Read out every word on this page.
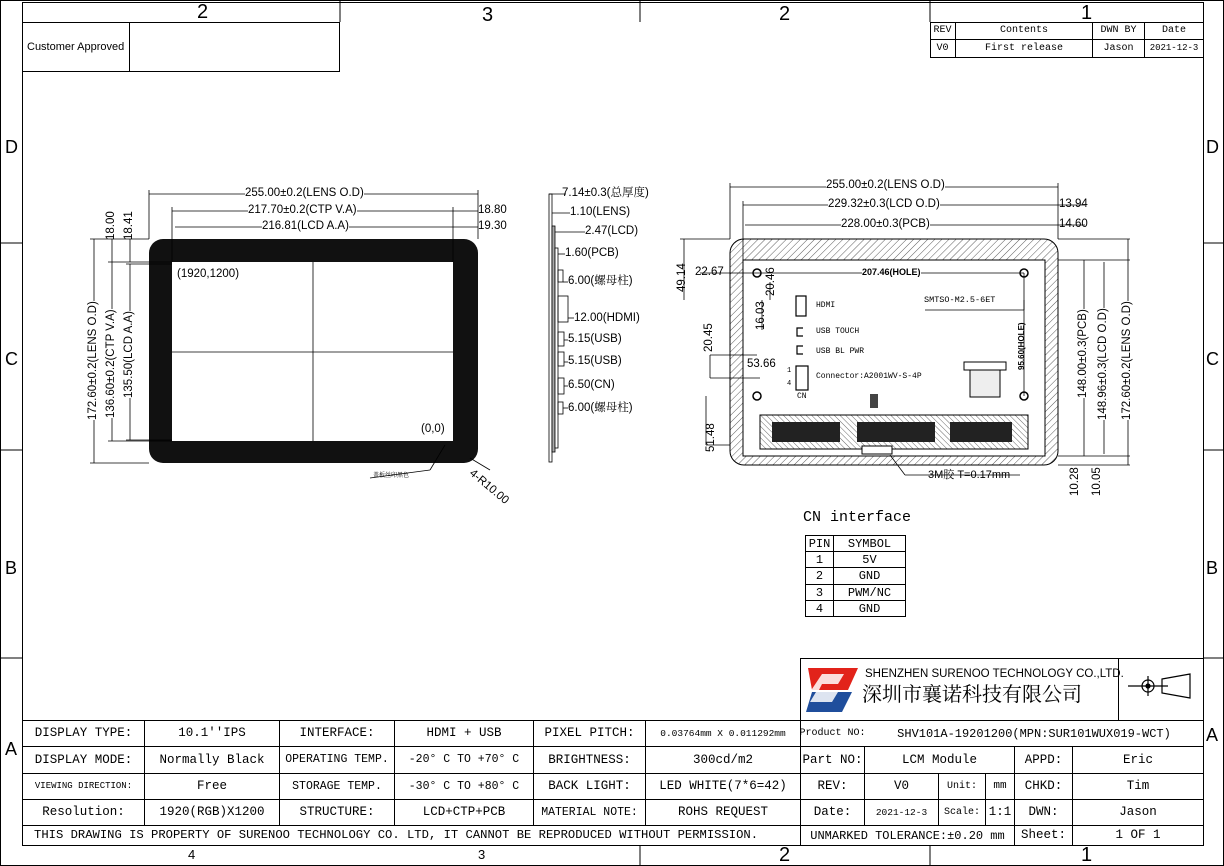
2	3	2	1
4	3	2	1
D
C
B
A
D
C
B
A
Customer Approved
REV	Contents	DWN BY	Date
V0	First release	Jason	2021-12-3
255.00±0.2(LENS O.D)
217.70±0.2(CTP V.A)
216.81(LCD A.A)
18.80
19.30
18.00 18.41
172.60±0.2(LENS O.D) 136.60±0.2(CTP V.A) 135.50(LCD A.A)
(1920,1200)
(0,0)
4-R10.00
盖板丝印黑色
7.14±0.3(总厚度)
1.10(LENS)
2.47(LCD)
1.60(PCB)
6.00(螺母柱)
12.00(HDMI)
5.15(USB)
5.15(USB)
6.50(CN)
6.00(螺母柱)
255.00±0.2(LENS O.D)
229.32±0.3(LCD O.D)
228.00±0.3(PCB)
13.94
14.60
49.14 22.67	207.46(HOLE)
20.46
16.03
20.45
53.66
51.48
95.60(HOLE)	148.00±0.3(PCB) 148.96±0.3(LCD O.D) 172.60±0.2(LENS O.D)
10.28 10.05
SMTSO-M2.5-6ET
HDMI
USB TOUCH
USB BL PWR
Connector:A2001WV-S-4P
CN
1
4
3M胶 T=0.17mm
CN interface
PIN	SYMBOL
1	5V
2	GND
3	PWM/NC
4	GND
SHENZHEN SURENOO TECHNOLOGY CO.,LTD.
深圳市襄诺科技有限公司
DISPLAY TYPE:	10.1''IPS	INTERFACE:	HDMI + USB	PIXEL PITCH:	0.03764mm X 0.011292mm
DISPLAY MODE:	Normally Black	OPERATING TEMP.	-20° C TO +70° C	BRIGHTNESS:	300cd/m2
VIEWING DIRECTION:	Free	STORAGE TEMP.	-30° C TO +80° C	BACK LIGHT:	LED WHITE(7*6=42)
Resolution:	1920(RGB)X1200	STRUCTURE:	LCD+CTP+PCB	MATERIAL NOTE:	ROHS REQUEST
THIS DRAWING IS PROPERTY OF SURENOO TECHNOLOGY CO. LTD, IT CANNOT BE REPRODUCED WITHOUT PERMISSION.
Product NO:	SHV101A-19201200(MPN:SUR101WUX019-WCT)
Part NO:	LCM Module	APPD:	Eric
REV:	V0	Unit:	mm	CHKD:	Tim
Date:	2021-12-3	Scale: 1:1	DWN:	Jason
UNMARKED TOLERANCE:±0.20 mm	Sheet:	1 OF 1
